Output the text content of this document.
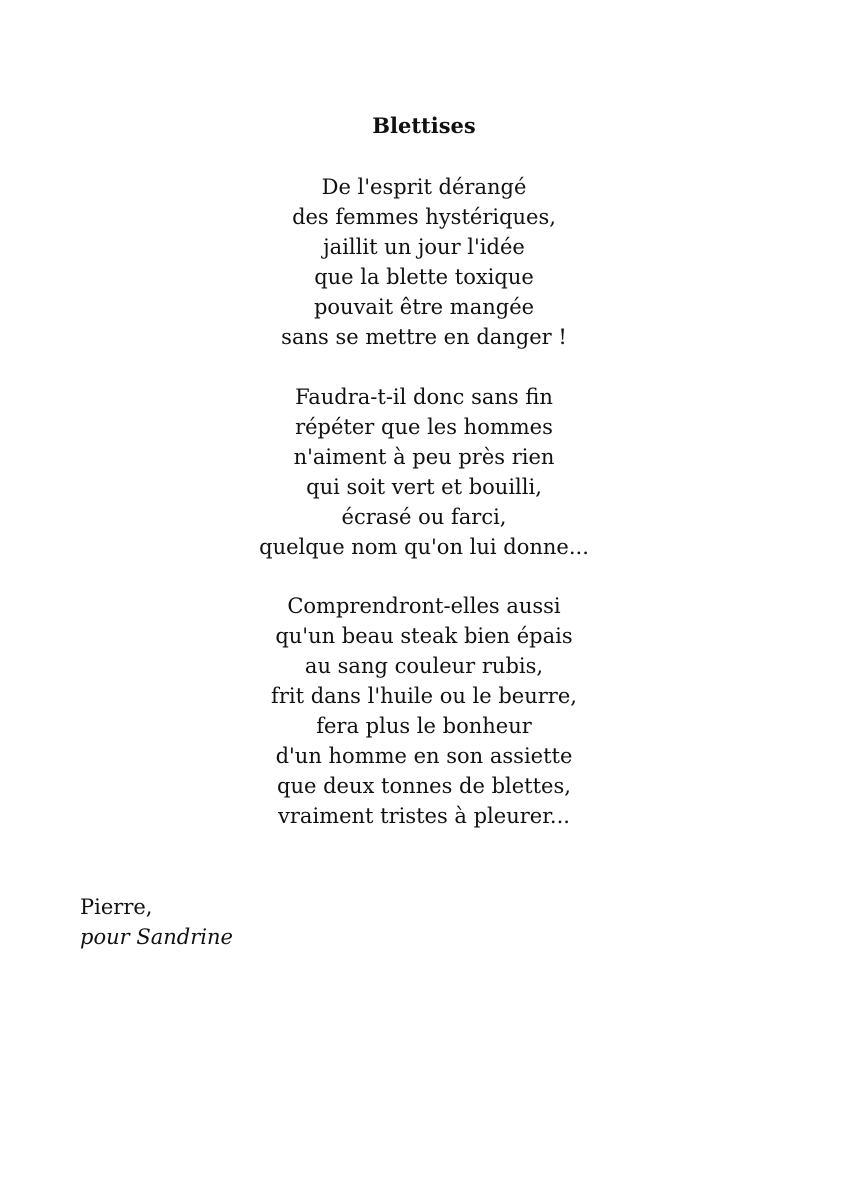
Blettises
De l'esprit dérangé
des femmes hystériques,
jaillit un jour l'idée
que la blette toxique
pouvait être mangée
sans se mettre en danger !
Faudra-t-il donc sans fin
répéter que les hommes
n'aiment à peu près rien
qui soit vert et bouilli,
écrasé ou farci,
quelque nom qu'on lui donne...
Comprendront-elles aussi
qu'un beau steak bien épais
au sang couleur rubis,
frit dans l'huile ou le beurre,
fera plus le bonheur
d'un homme en son assiette
que deux tonnes de blettes,
vraiment tristes à pleurer...
Pierre,
pour Sandrine
